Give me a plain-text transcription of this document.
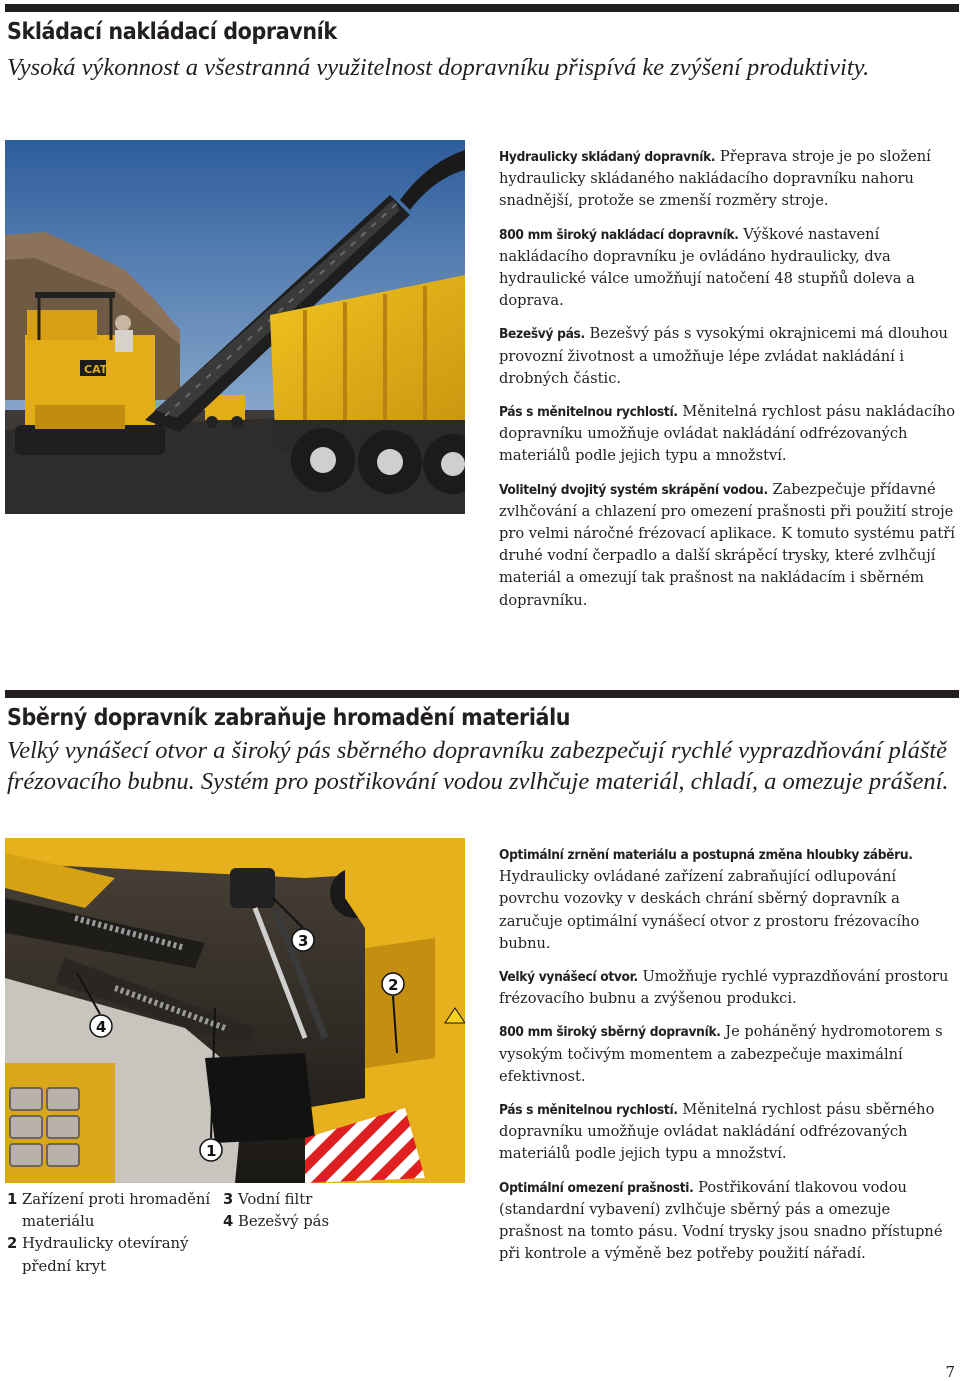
Skládací nakládací dopravník

Vysoká výkonnost a všestranná využitelnost dopravníku přispívá ke zvýšení produktivity.

CAT

Hydraulicky skládaný dopravník. Přeprava stroje je po složení hydraulicky skládaného nakládacího dopravníku nahoru snadnější, protože se zmenší rozměry stroje.

800 mm široký nakládací dopravník. Výškové nastavení nakládacího dopravníku je ovládáno hydraulicky, dva hydraulické válce umožňují natočení 48 stupňů doleva a doprava.

Bezešvý pás. Bezešvý pás s vysokými okrajnicemi má dlouhou provozní životnost a umožňuje lépe zvládat nakládání i drobných částic.

Pás s měnitelnou rychlostí. Měnitelná rychlost pásu nakládacího dopravníku umožňuje ovládat nakládání odfrézovaných materiálů podle jejich typu a množství.

Volitelný dvojitý systém skrápění vodou. Zabezpečuje přídavné zvlhčování a chlazení pro omezení prašnosti při použití stroje pro velmi náročné frézovací aplikace. K tomuto systému patří druhé vodní čerpadlo a další skrápěcí trysky, které zvlhčují materiál a omezují tak prašnost na nakládacím i sběrném dopravníku.

Sběrný dopravník zabraňuje hromadění materiálu

Velký vynášecí otvor a široký pás sběrného dopravníku zabezpečují rychlé vyprazdňování pláště frézovacího bubnu. Systém pro postřikování vodou zvlhčuje materiál, chladí, a omezuje prášení.

1
2
3
4
1 Zařízení proti hromadění materiálu
2 Hydraulicky otevíraný přední kryt
3 Vodní filtr
4 Bezešvý pás

Optimální zrnění materiálu a postupná změna hloubky záběru. Hydraulicky ovládané zařízení zabraňující odlupování povrchu vozovky v deskách chrání sběrný dopravník a zaručuje optimální vynášecí otvor z prostoru frézovacího bubnu.

Velký vynášecí otvor. Umožňuje rychlé vyprazdňování prostoru frézovacího bubnu a zvýšenou produkci.

800 mm široký sběrný dopravník. Je poháněný hydromotorem s vysokým točivým momentem a zabezpečuje maximální efektivnost.

Pás s měnitelnou rychlostí. Měnitelná rychlost pásu sběrného dopravníku umožňuje ovládat nakládání odfrézovaných materiálů podle jejich typu a množství.

Optimální omezení prašnosti. Postřikování tlakovou vodou (standardní vybavení) zvlhčuje sběrný pás a omezuje prašnost na tomto pásu. Vodní trysky jsou snadno přístupné při kontrole a výměně bez potřeby použití nářadí.

7
